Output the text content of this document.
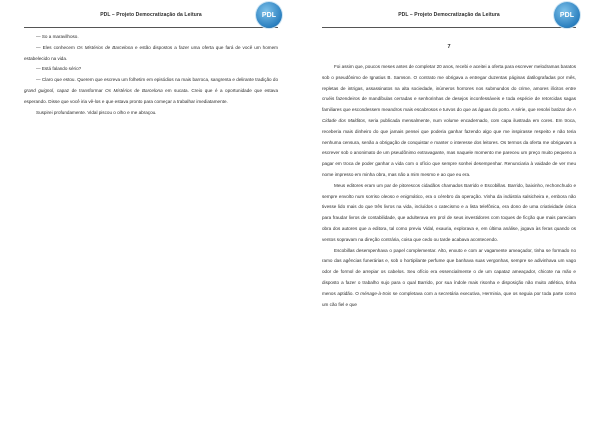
PDL – Projeto Democratização da Leitura	PDL

— So a maravilhoso.

— Eles conhecem Os Mistérios de Barcelona e estão dispostos a fazer uma oferta que fará de você um homem estabelecido na vida.

— Está falando sério?

— Claro que estou. Querem que escreva um folhetim em episódios na mais barroca, sangrenta e delirante tradição do grand guignol, capaz de transformar Os Mistérios de Barcelona em sucata. Creio que é a oportunidade que estava esperando. Disse que você iria vê-los e que estava pronto para começar a trabalhar imediatamente.

Suspirei profundamente. Vidal piscou o olho e me abraçou.

PDL – Projeto Democratização da Leitura	PDL
7

Foi assim que, poucos meses antes de completar 20 anos, recebi e aceitei a oferta para escrever melodramas baratos sob o pseudônimo de Ignatius B. Samson. O contrato me obrigava a entregar duzentas páginas datilografadas por mês, repletas de intrigas, assassinatos na alta sociedade, inúmeros horrores nos submundos do crime, amores ilícitos entre cruéis fazendeiros de mandíbulas cerradas e senhorinhas de desejos inconfessáveis e toda espécie de retorcidas sagas familiares que escondessem meandros mais escabrosos e turvos do que as águas do porto. A série, que resolvi batizar de A Cidade dos Malditos, seria publicada mensalmente, num volume encadernado, com capa ilustrada em cores. Em troca, receberia mais dinheiro do que jamais pensei que poderia ganhar fazendo algo que me inspirasse respeito e não teria nenhuma censura, senão a obrigação de conquistar e manter o interesse dos leitores. Os termos da oferta me obrigavam a escrever sob o anonimato de um pseudônimo extravagante, mas naquele momento me pareceu um preço muito pequeno a pagar em troca de poder ganhar a vida com o ofício que sempre sonhei desempenhar. Renunciaria à vaidade de ver meu nome impresso em minha obra, mas não a mim mesmo e ao que eu era.

Meus editores eram um par de pitorescos cidadãos chamados Barrido e Escobillas. Barrido, baixinho, rechonchudo e sempre envolto num sorriso oleoso e enigmático, era o cérebro da operação. Vinha da indústria salsicheira e, embora não tivesse lido mais do que três livros na vida, incluídos o catecismo e a lista telefônica, era dono de uma criatividade única para fraudar livros de contabilidade, que adulterava em prol de seus investidores com toques de ficção que mais pareciam obra dos autores que a editora, tal como previu Vidal, exauria, explorava e, em última análise, jogava às feras quando os ventos sopravam na direção contrária, coisa que cedo ou tarde acabava acontecendo.

Escobillas desempenhava o papel complementar. Alto, enxuto e com ar vagamente ameaçador, tinha se formado no ramo das agências funerárias e, sob o hortipilante perfume que banhava suas vergonhas, sempre se adivinhava um vago odor de formol de arrepiar os cabelos. Seu ofício era essencialmente o de um capataz ameaçador, chicote na mão e disposto a fazer o trabalho sujo para o qual Barrido, por sua índole mais risonha e disposição não muito atlética, tinha menos aptidão. O ménage-à-trois se completava com a secretária executiva, Herminia, que os seguia por toda parte como um cão fiel e que
